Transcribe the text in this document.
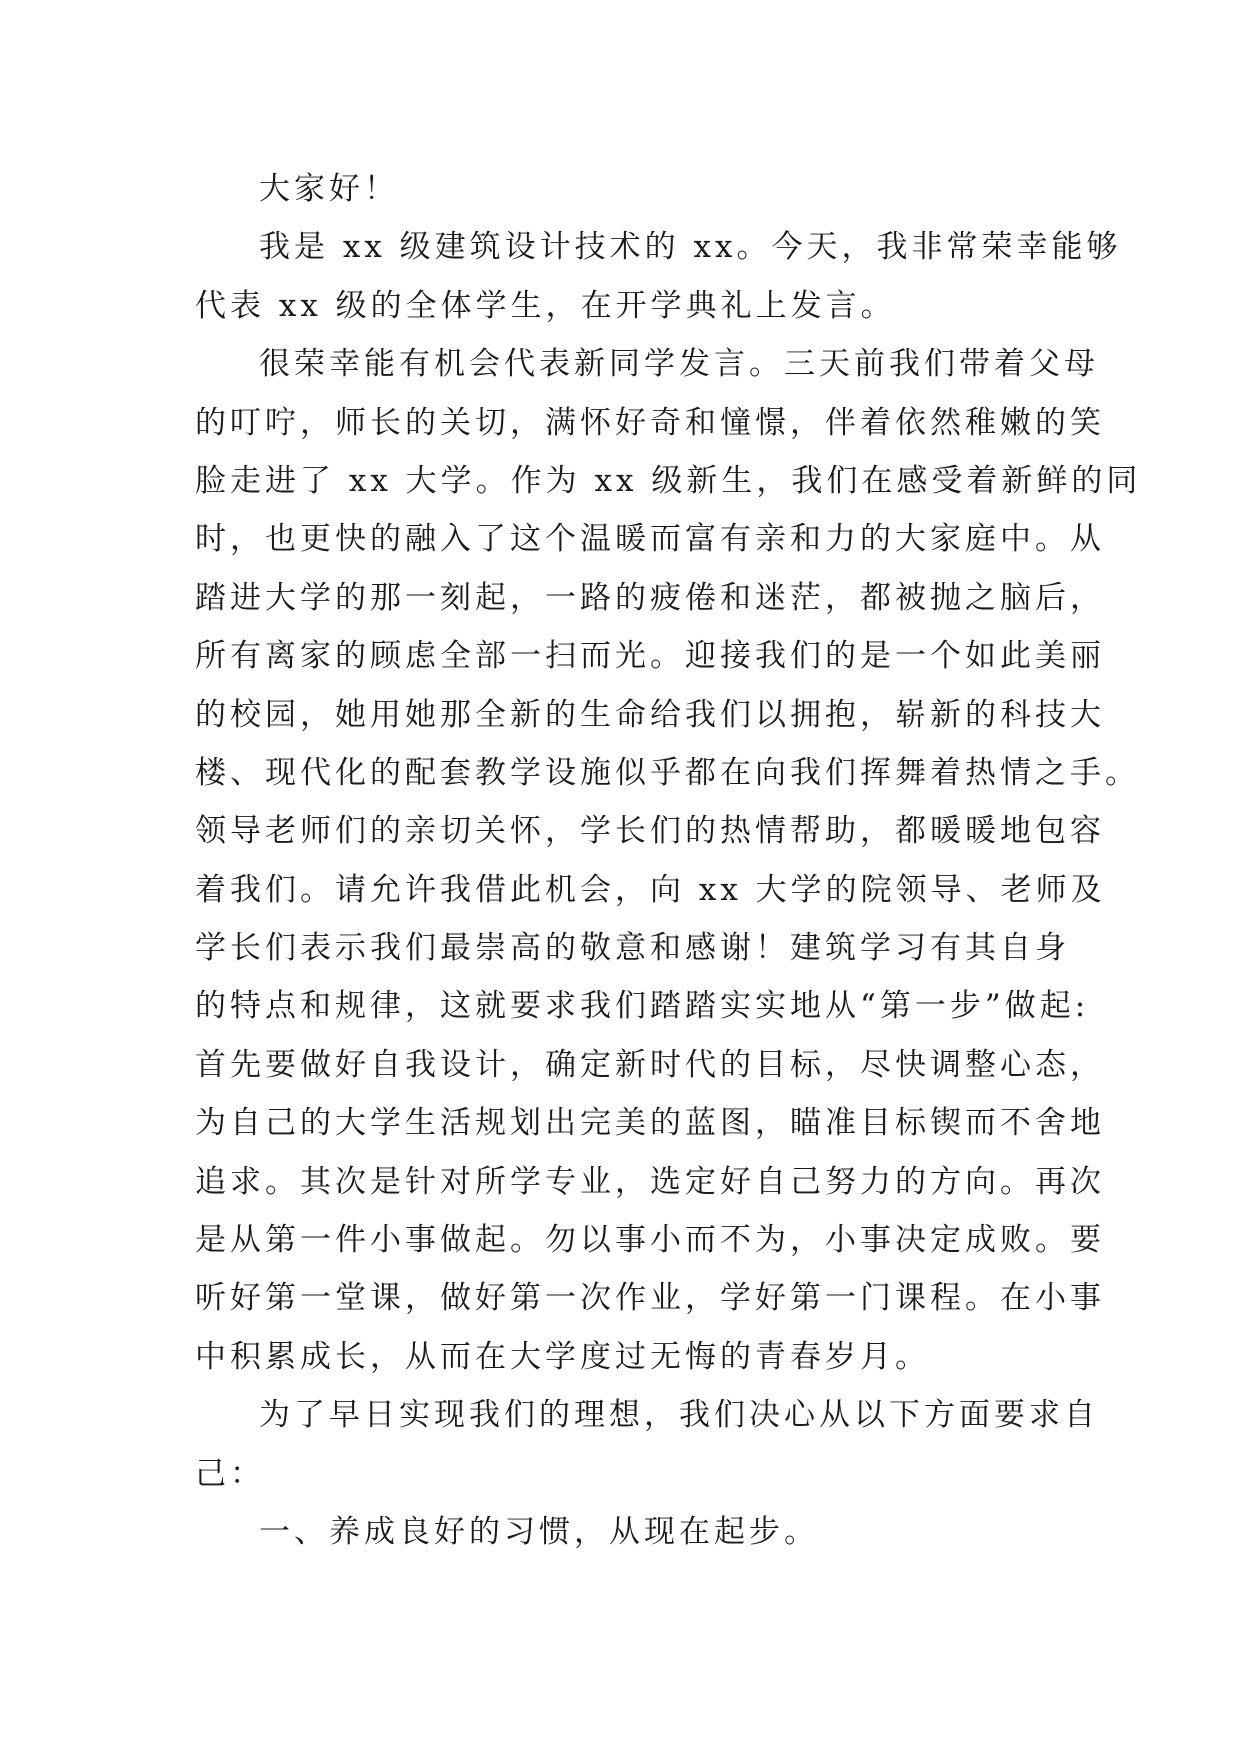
大家好！
我是 xx 级建筑设计技术的 xx。今天，我非常荣幸能够
代表 xx 级的全体学生，在开学典礼上发言。
很荣幸能有机会代表新同学发言。三天前我们带着父母
的叮咛，师长的关切，满怀好奇和憧憬，伴着依然稚嫩的笑
脸走进了 xx 大学。作为 xx 级新生，我们在感受着新鲜的同
时，也更快的融入了这个温暖而富有亲和力的大家庭中。从
踏进大学的那一刻起，一路的疲倦和迷茫，都被抛之脑后，
所有离家的顾虑全部一扫而光。迎接我们的是一个如此美丽
的校园，她用她那全新的生命给我们以拥抱，崭新的科技大
楼、现代化的配套教学设施似乎都在向我们挥舞着热情之手。
领导老师们的亲切关怀，学长们的热情帮助，都暖暖地包容
着我们。请允许我借此机会，向 xx 大学的院领导、老师及
学长们表示我们最崇高的敬意和感谢！建筑学习有其自身
的特点和规律，这就要求我们踏踏实实地从“第一步”做起:
首先要做好自我设计，确定新时代的目标，尽快调整心态，
为自己的大学生活规划出完美的蓝图，瞄准目标锲而不舍地
追求。其次是针对所学专业，选定好自己努力的方向。再次
是从第一件小事做起。勿以事小而不为，小事决定成败。要
听好第一堂课，做好第一次作业，学好第一门课程。在小事
中积累成长，从而在大学度过无悔的青春岁月。
为了早日实现我们的理想，我们决心从以下方面要求自
己：
一、养成良好的习惯，从现在起步。
